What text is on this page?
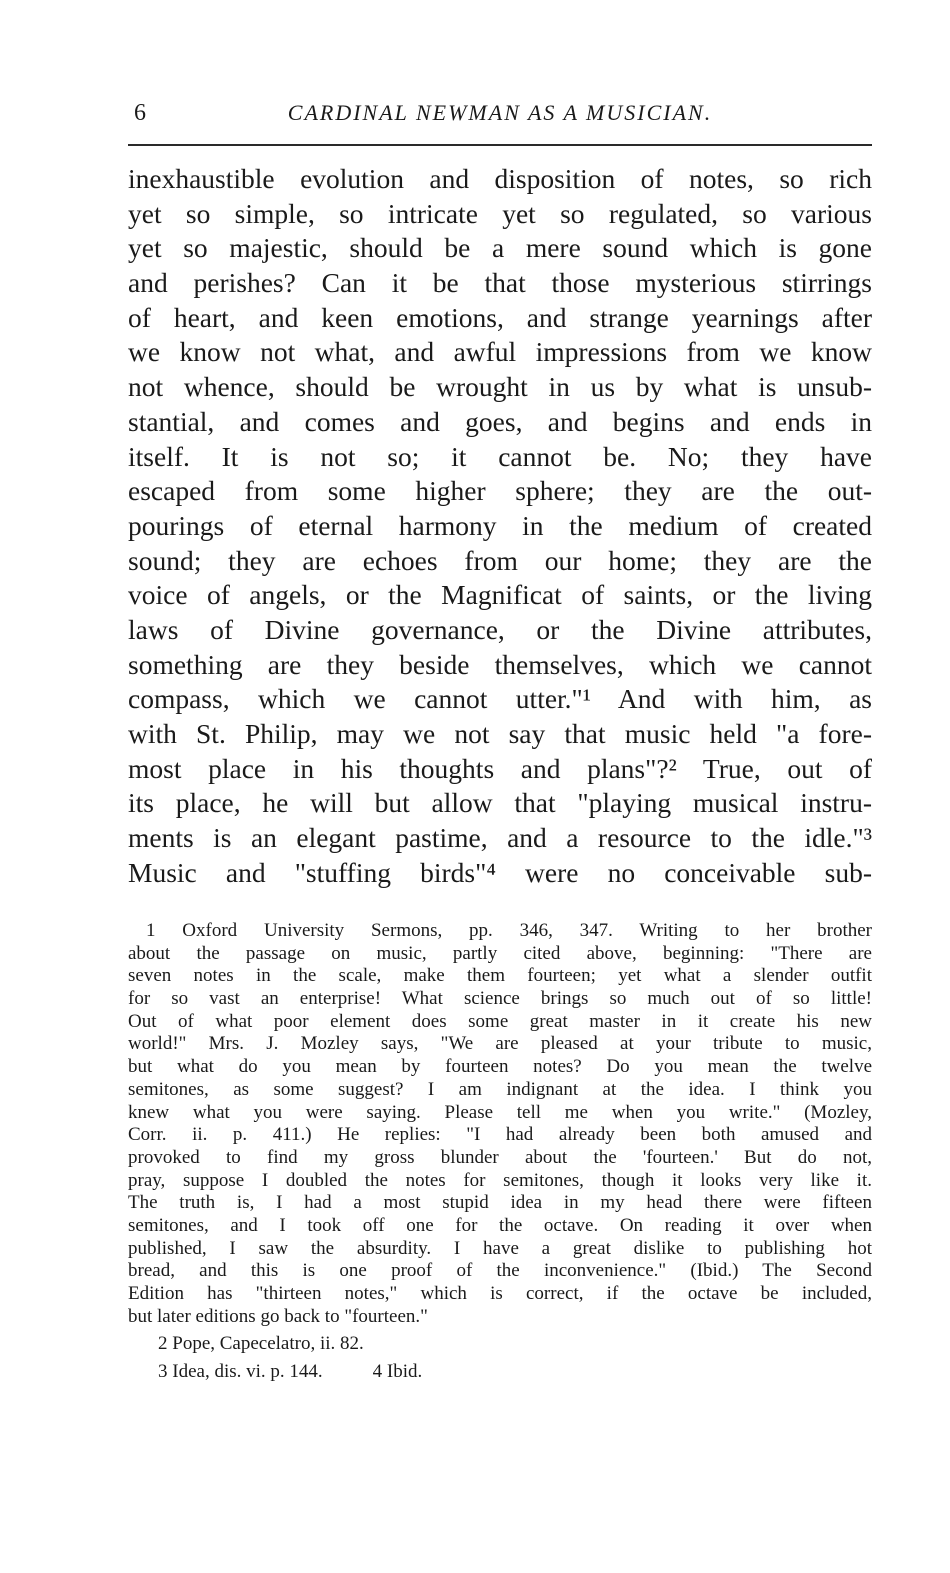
6	CARDINAL NEWMAN AS A MUSICIAN.
inexhaustible evolution and disposition of notes, so rich
yet so simple, so intricate yet so regulated, so various
yet so majestic, should be a mere sound which is gone
and perishes? Can it be that those mysterious stirrings
of heart, and keen emotions, and strange yearnings after
we know not what, and awful impressions from we know
not whence, should be wrought in us by what is unsub-
stantial, and comes and goes, and begins and ends in
itself. It is not so; it cannot be. No; they have
escaped from some higher sphere; they are the out-
pourings of eternal harmony in the medium of created
sound; they are echoes from our home; they are the
voice of angels, or the Magnificat of saints, or the living
laws of Divine governance, or the Divine attributes,
something are they beside themselves, which we cannot
compass, which we cannot utter."¹ And with him, as
with St. Philip, may we not say that music held "a fore-
most place in his thoughts and plans"?² True, out of
its place, he will but allow that "playing musical instru-
ments is an elegant pastime, and a resource to the idle."³
Music and "stuffing birds"⁴ were no conceivable sub-
1 Oxford University Sermons, pp. 346, 347. Writing to her brother
about the passage on music, partly cited above, beginning: "There are
seven notes in the scale, make them fourteen; yet what a slender outfit
for so vast an enterprise! What science brings so much out of so little!
Out of what poor element does some great master in it create his new
world!" Mrs. J. Mozley says, "We are pleased at your tribute to music,
but what do you mean by fourteen notes? Do you mean the twelve
semitones, as some suggest? I am indignant at the idea. I think you
knew what you were saying. Please tell me when you write." (Mozley,
Corr. ii. p. 411.) He replies: "I had already been both amused and
provoked to find my gross blunder about the 'fourteen.' But do not,
pray, suppose I doubled the notes for semitones, though it looks very like it.
The truth is, I had a most stupid idea in my head there were fifteen
semitones, and I took off one for the octave. On reading it over when
published, I saw the absurdity. I have a great dislike to publishing hot
bread, and this is one proof of the inconvenience." (Ibid.) The Second
Edition has "thirteen notes," which is correct, if the octave be included,
but later editions go back to "fourteen."
2 Pope, Capecelatro, ii. 82.
3 Idea, dis. vi. p. 144.	4 Ibid.
